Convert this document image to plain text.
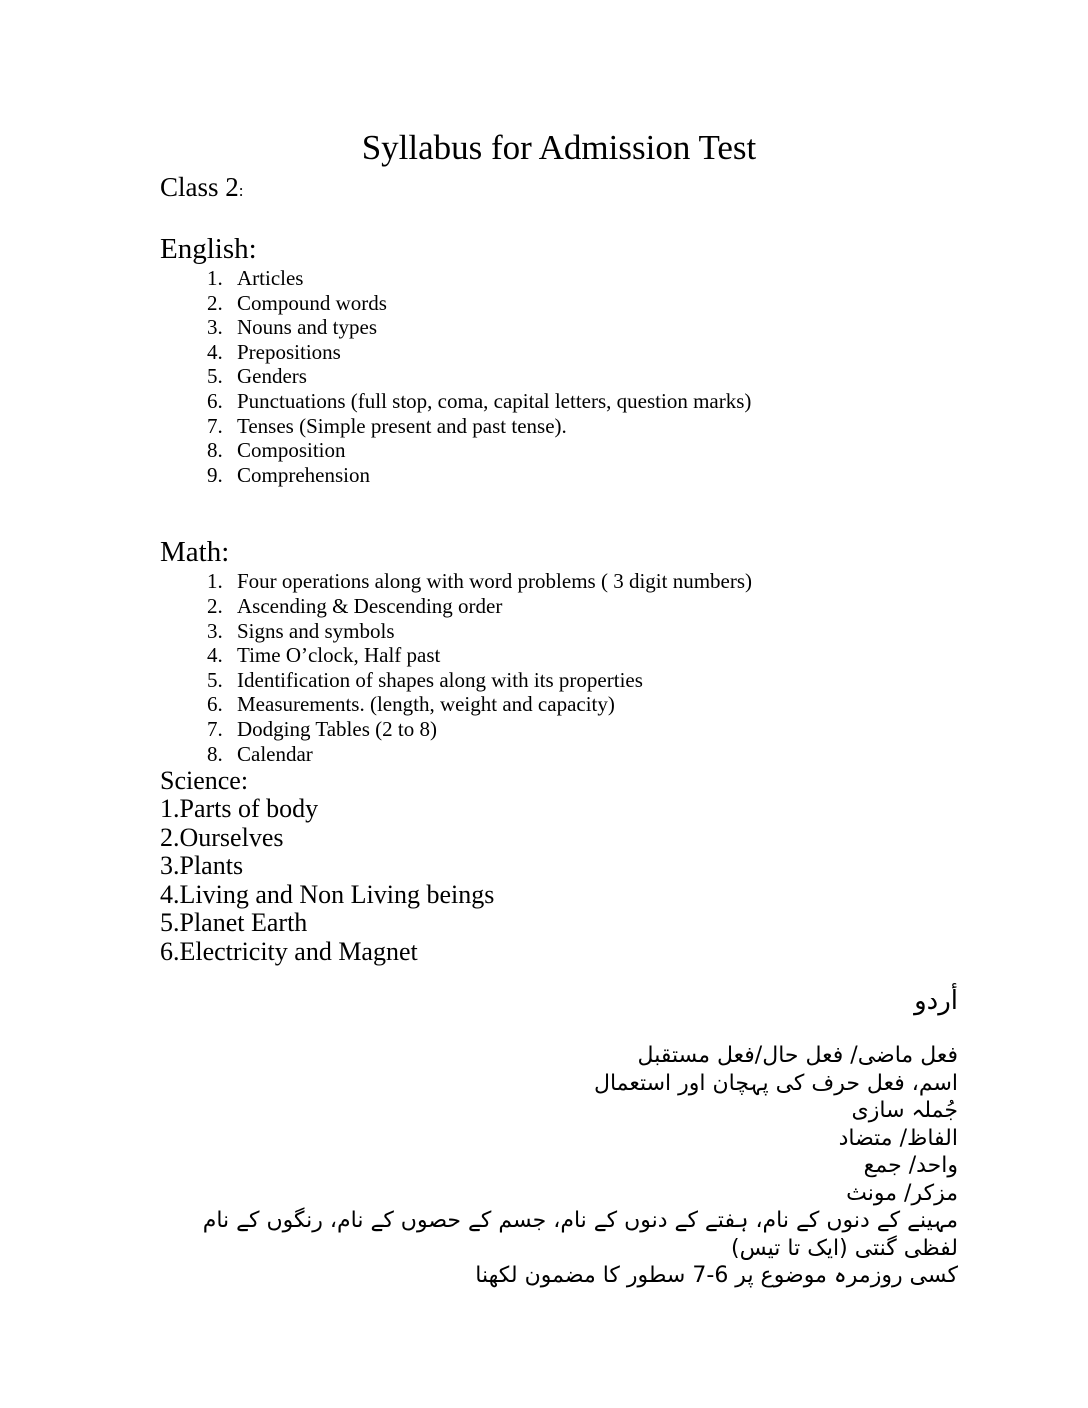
Syllabus for Admission Test
Class 2:
English:
1. Articles
2. Compound words
3. Nouns and types
4. Prepositions
5. Genders
6. Punctuations (full stop, coma, capital letters, question marks)
7. Tenses (Simple present and past tense).
8. Composition
9. Comprehension
Math:
1. Four operations along with word problems ( 3 digit numbers)
2. Ascending & Descending order
3. Signs and symbols
4. Time O’clock, Half past
5. Identification of shapes along with its properties
6. Measurements. (length, weight and capacity)
7. Dodging Tables (2 to 8)
8. Calendar
Science:
1.Parts of body
2.Ourselves
3.Plants
4.Living and Non Living beings
5.Planet Earth
6.Electricity and Magnet
أردو
فعل ماضی/ فعل حال/فعل مستقبل
اسم، فعل حرف کی پہچان اور استعمال
جُملہ سازی
الفاظ/ متضاد
واحد/ جمع
مزکر/ مونث
مہینے کے دنوں کے نام، ہفتے کے دنوں کے نام، جسم کے حصوں کے نام، رنگوں کے نام
لفظی گنتی (ایک تا تیس)
کسی روزمرہ موضوع پر 6-7 سطور کا مضمون لکھنا
